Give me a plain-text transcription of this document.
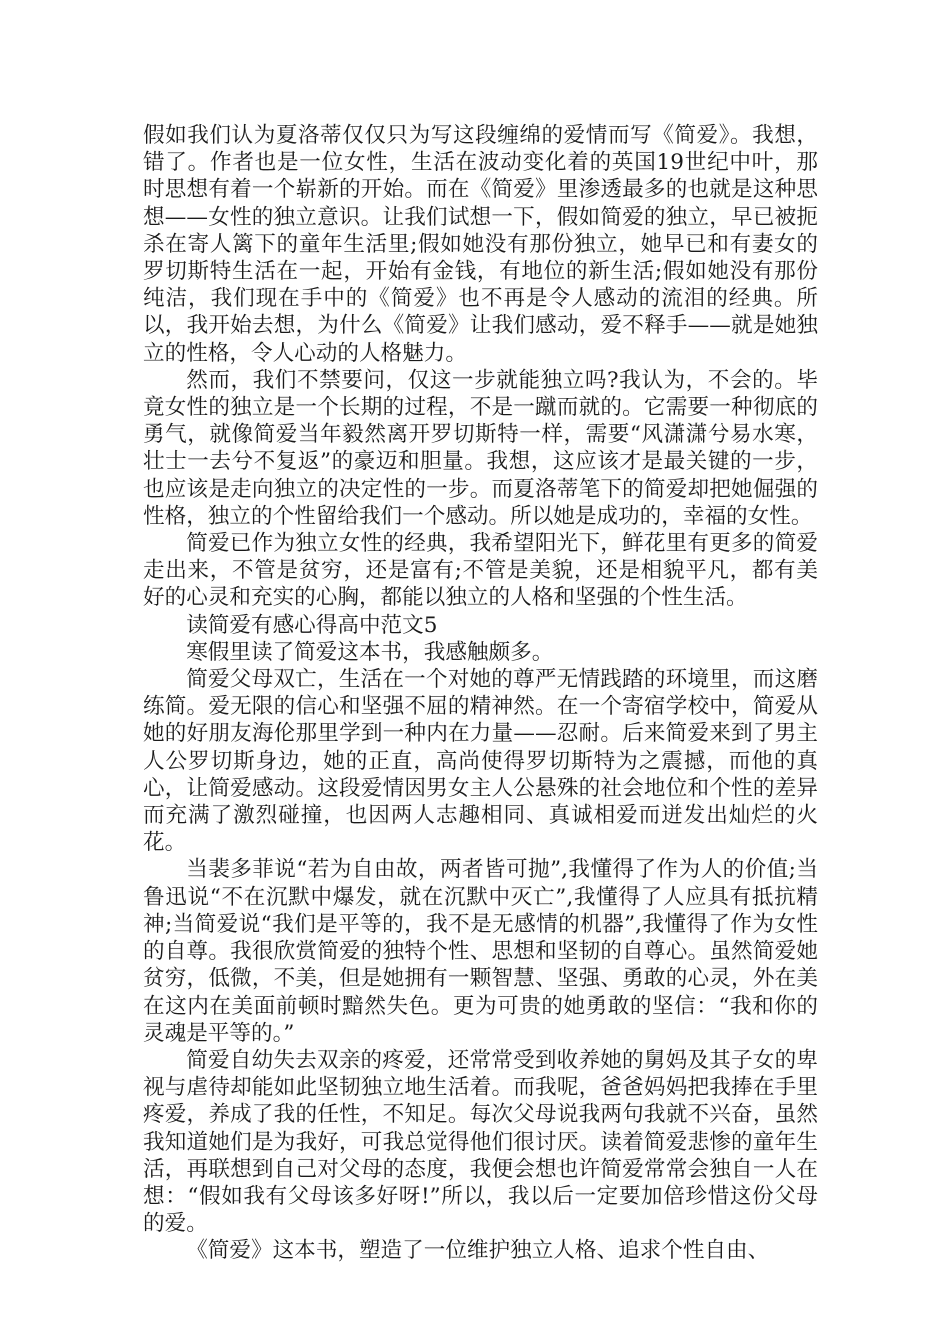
假如我们认为夏洛蒂仅仅只为写这段缠绵的爱情而写《简爱》。我想，错了。作者也是一位女性，生活在波动变化着的英国19世纪中叶，那时思想有着一个崭新的开始。而在《简爱》里渗透最多的也就是这种思想——女性的独立意识。让我们试想一下，假如简爱的独立，早已被扼杀在寄人篱下的童年生活里;假如她没有那份独立，她早已和有妻女的罗切斯特生活在一起，开始有金钱，有地位的新生活;假如她没有那份纯洁，我们现在手中的《简爱》也不再是令人感动的流泪的经典。所以，我开始去想，为什么《简爱》让我们感动，爱不释手——就是她独立的性格，令人心动的人格魅力。

然而，我们不禁要问，仅这一步就能独立吗?我认为，不会的。毕竟女性的独立是一个长期的过程，不是一蹴而就的。它需要一种彻底的勇气，就像简爱当年毅然离开罗切斯特一样，需要“风潇潇兮易水寒，壮士一去兮不复返”的豪迈和胆量。我想，这应该才是最关键的一步，也应该是走向独立的决定性的一步。而夏洛蒂笔下的简爱却把她倔强的性格，独立的个性留给我们一个感动。所以她是成功的，幸福的女性。

简爱已作为独立女性的经典，我希望阳光下，鲜花里有更多的简爱走出来，不管是贫穷，还是富有;不管是美貌，还是相貌平凡，都有美好的心灵和充实的心胸，都能以独立的人格和坚强的个性生活。

读简爱有感心得高中范文5

寒假里读了简爱这本书，我感触颇多。

简爱父母双亡，生活在一个对她的尊严无情践踏的环境里，而这磨练简。爱无限的信心和坚强不屈的精神然。在一个寄宿学校中，简爱从她的好朋友海伦那里学到一种内在力量——忍耐。后来简爱来到了男主人公罗切斯身边，她的正直，高尚使得罗切斯特为之震撼，而他的真心，让简爱感动。这段爱情因男女主人公悬殊的社会地位和个性的差异而充满了激烈碰撞，也因两人志趣相同、真诚相爱而迸发出灿烂的火花。

当裴多菲说“若为自由故，两者皆可抛”,我懂得了作为人的价值;当鲁迅说“不在沉默中爆发，就在沉默中灭亡”,我懂得了人应具有抵抗精神;当简爱说“我们是平等的，我不是无感情的机器”,我懂得了作为女性的自尊。我很欣赏简爱的独特个性、思想和坚韧的自尊心。虽然简爱她贫穷，低微，不美，但是她拥有一颗智慧、坚强、勇敢的心灵，外在美在这内在美面前顿时黯然失色。更为可贵的她勇敢的坚信：“我和你的灵魂是平等的。”

简爱自幼失去双亲的疼爱，还常常受到收养她的舅妈及其子女的卑视与虐待却能如此坚韧独立地生活着。而我呢，爸爸妈妈把我捧在手里疼爱，养成了我的任性，不知足。每次父母说我两句我就不兴奋，虽然我知道她们是为我好，可我总觉得他们很讨厌。读着简爱悲惨的童年生活，再联想到自己对父母的态度，我便会想也许简爱常常会独自一人在想：“假如我有父母该多好呀!”所以，我以后一定要加倍珍惜这份父母的爱。

《简爱》这本书，塑造了一位维护独立人格、追求个性自由、
